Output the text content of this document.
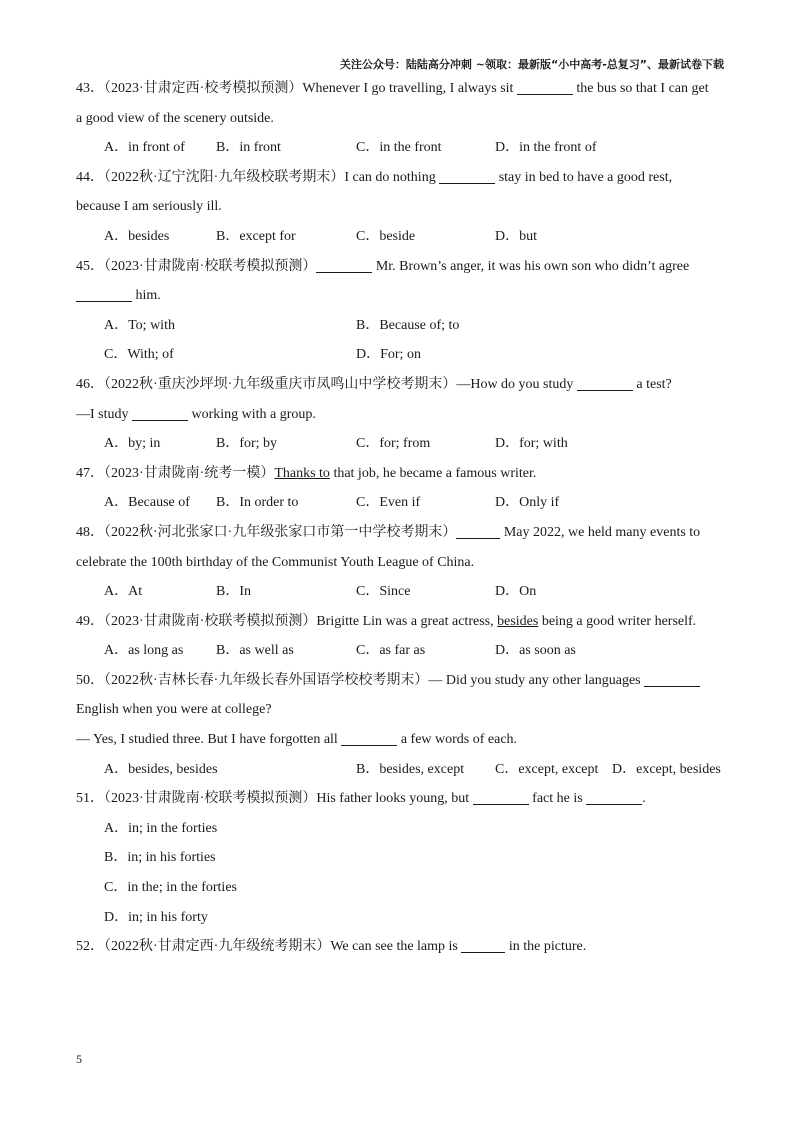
关注公众号：陆陆高分冲刺 ~领取：最新版“小中高考-总复习”、最新试卷下载
43．（2023·甘肃定西·校考模拟预测）Whenever I go travelling, I always sit	the bus so that I can get
a good view of the scenery outside.
A．in front of B．in front	C．in the front	D．in the front of
44．（2022秋·辽宁沈阳·九年级校联考期末）I can do nothing	stay in bed to have a good rest,
because I am seriously ill.
A．besides	B．except for	C．beside	D．but
45．（2023·甘肃陇南·校联考模拟预测）	Mr. Brown’s anger, it was his own son who didn’t agree
him.
A．To; with	B．Because of; to
C．With; of	D．For; on
46．（2022秋·重庆沙坪坝·九年级重庆市凤鸣山中学校考期末）—How do you study	a test?
—I study	working with a group.
A．by; in	B．for; by	C．for; from	D．for; with
47．（2023·甘肃陇南·统考一模）Thanks to that job, he became a famous writer.
A．Because of B．In order to	C．Even if	D．Only if
48．（2022秋·河北张家口·九年级张家口市第一中学校考期末）	May 2022, we held many events to
celebrate the 100th birthday of the Communist Youth League of China.
A．At	B．In	C．Since	D．On
49．（2023·甘肃陇南·校联考模拟预测）Brigitte Lin was a great actress, besides being a good writer herself.
A．as long as B．as well as	C．as far as	D．as soon as
50．（2022秋·吉林长春·九年级长春外国语学校校考期末）— Did you study any other languages
English when you were at college?
— Yes, I studied three. But I have forgotten all	a few words of each.
A．besides, besides	B．besides, except C．except, except D．except, besides
51．（2023·甘肃陇南·校联考模拟预测）His father looks young, but	fact he is	.
A．in; in the forties
B．in; in his forties
C．in the; in the forties
D．in; in his forty
52．（2022秋·甘肃定西·九年级统考期末）We can see the lamp is	in the picture.
5
